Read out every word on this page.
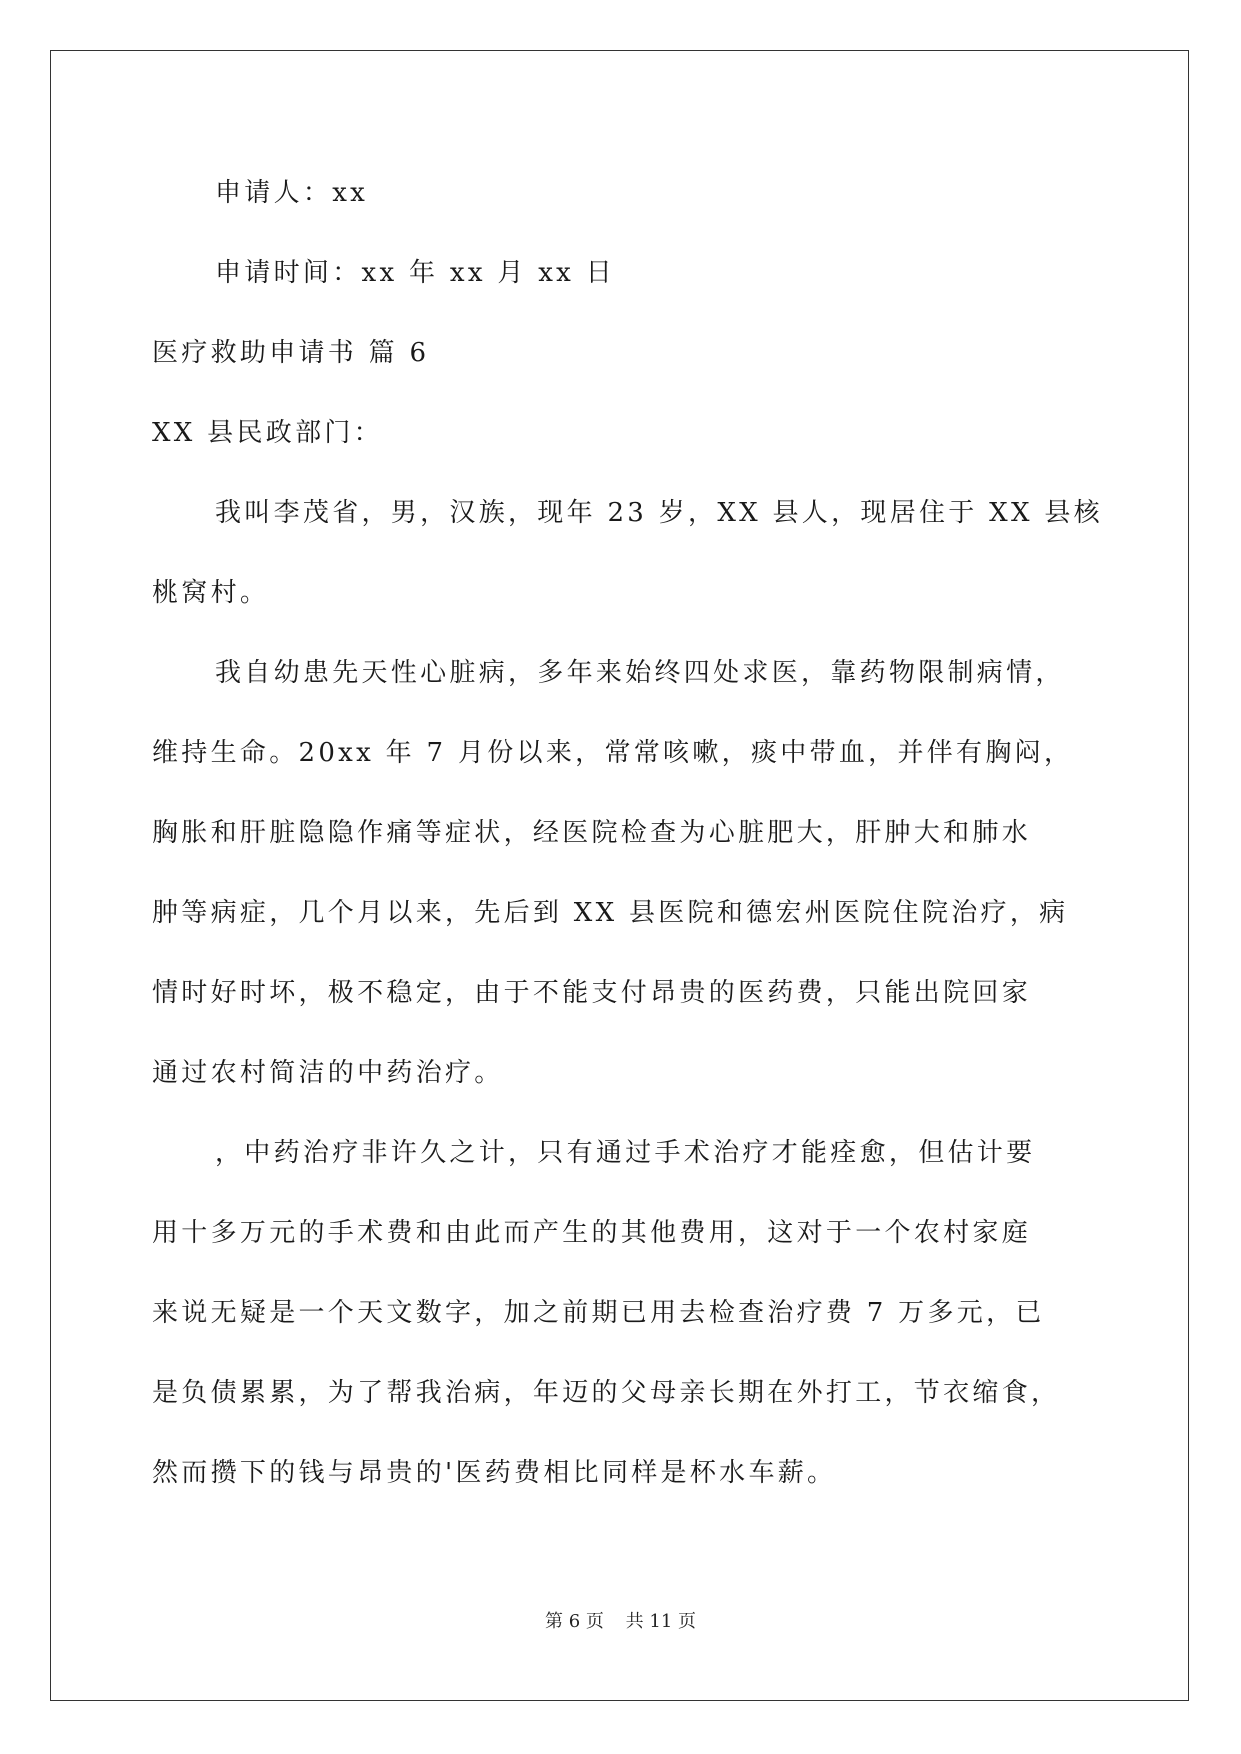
申请人：xx
申请时间：xx 年 xx 月 xx 日
医疗救助申请书 篇 6
XX 县民政部门：
我叫李茂省，男，汉族，现年 23 岁，XX 县人，现居住于 XX 县核
桃窝村。
我自幼患先天性心脏病，多年来始终四处求医，靠药物限制病情，
维持生命。20xx 年 7 月份以来，常常咳嗽，痰中带血，并伴有胸闷，
胸胀和肝脏隐隐作痛等症状，经医院检查为心脏肥大，肝肿大和肺水
肿等病症，几个月以来，先后到 XX 县医院和德宏州医院住院治疗，病
情时好时坏，极不稳定，由于不能支付昂贵的医药费，只能出院回家
通过农村简洁的中药治疗。
，中药治疗非许久之计，只有通过手术治疗才能痊愈，但估计要
用十多万元的手术费和由此而产生的其他费用，这对于一个农村家庭
来说无疑是一个天文数字，加之前期已用去检查治疗费 7 万多元，已
是负债累累，为了帮我治病，年迈的父母亲长期在外打工，节衣缩食，
然而攒下的钱与昂贵的'医药费相比同样是杯水车薪。
第 6 页 共 11 页
